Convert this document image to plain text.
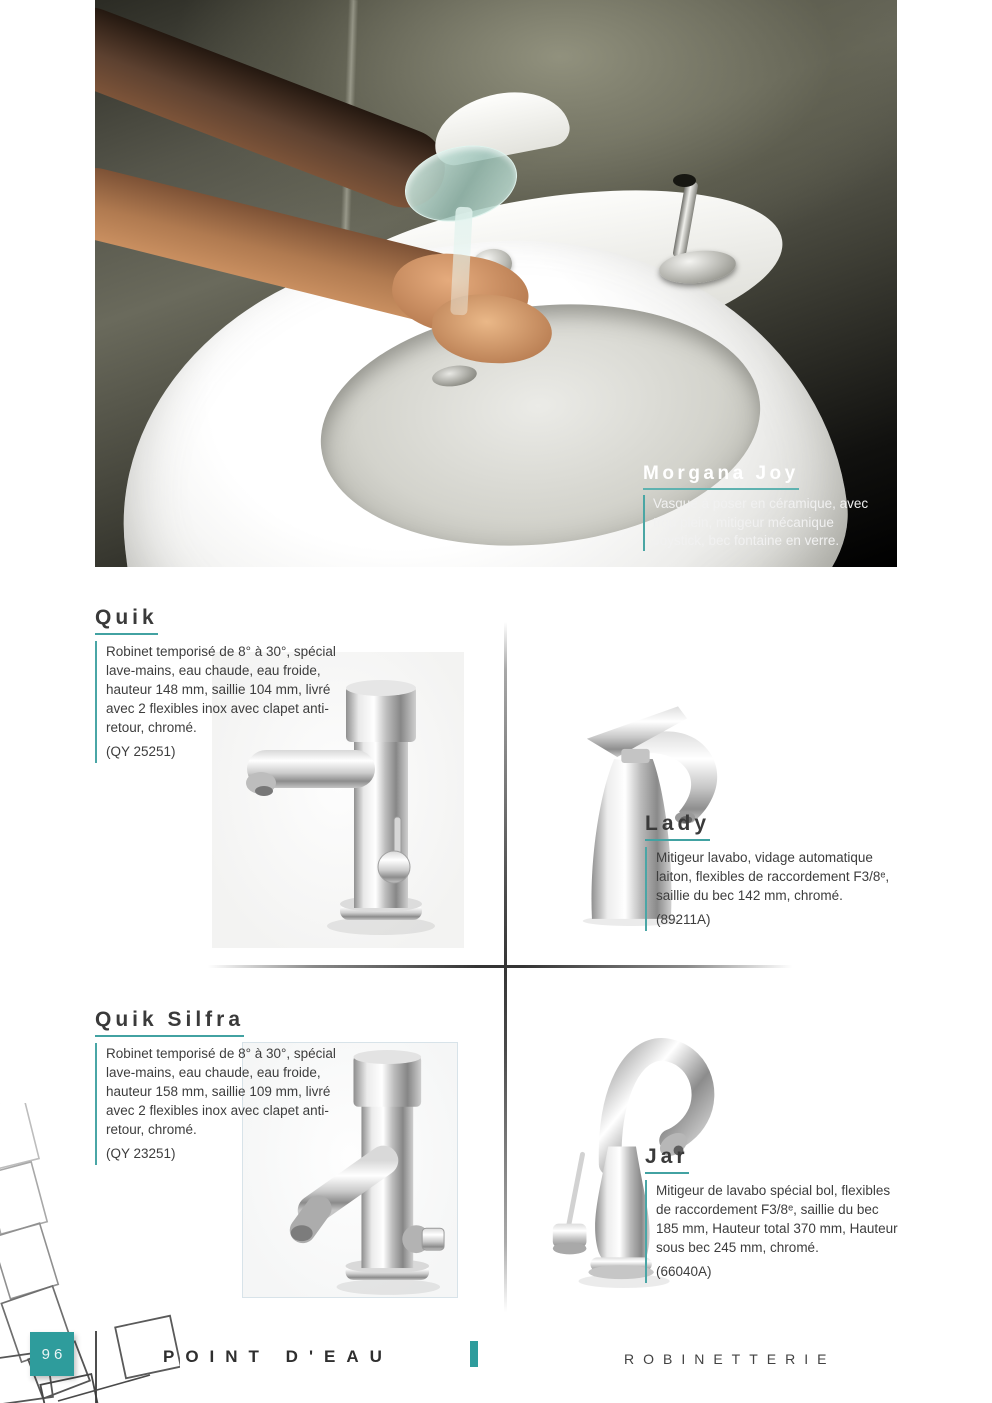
Morgana Joy
Vasque à poser en céramique, avec trop plein, mitigeur mécanique Joystick, bec fontaine en verre.
Quik
Robinet temporisé de 8° à 30°, spécial lave-mains, eau chaude, eau froide, hauteur 148 mm, saillie 104 mm, livré avec 2 flexibles inox avec clapet anti-retour, chromé.
(QY 25251)
Lady
Mitigeur lavabo, vidage automatique laiton, flexibles de raccordement F3/8ᵉ, saillie du bec 142 mm, chromé.
(89211A)
Quik Silfra
Robinet temporisé de 8° à 30°, spécial lave-mains, eau chaude, eau froide, hauteur 158 mm, saillie 109 mm, livré avec 2 flexibles inox avec clapet anti-retour, chromé.
(QY 23251)	Jar
Mitigeur de lavabo spécial bol, flexibles de raccordement F3/8ᵉ, saillie du bec 185 mm, Hauteur total 370 mm, Hauteur sous bec 245 mm, chromé.
(66040A)
96	POINT D'EAU	ROBINETTERIE
